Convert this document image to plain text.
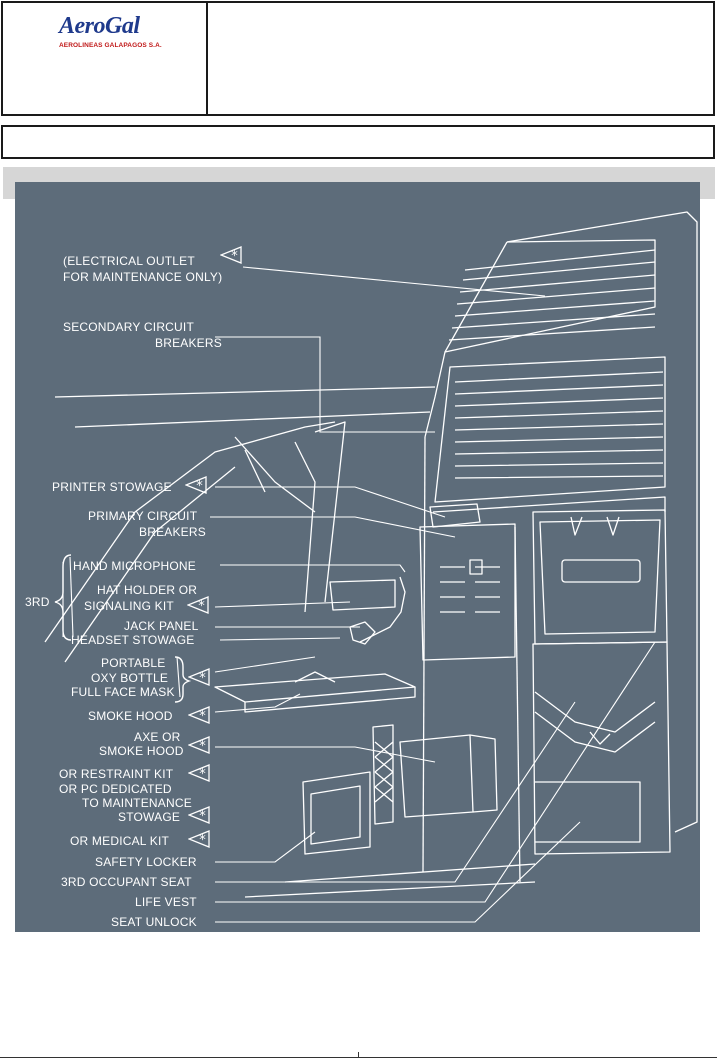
AeroGal
AEROLINEAS GALAPAGOS S.A.
(ELECTRICAL OUTLET
FOR MAINTENANCE ONLY)
SECONDARY CIRCUIT
BREAKERS
PRINTER STOWAGE
PRIMARY CIRCUIT
BREAKERS
3RD
HAND MICROPHONE
HAT HOLDER OR
SIGNALING KIT
JACK PANEL
HEADSET STOWAGE
PORTABLE
OXY BOTTLE
FULL FACE MASK
SMOKE HOOD
AXE OR
SMOKE HOOD
OR RESTRAINT KIT
OR PC DEDICATED
TO MAINTENANCE
STOWAGE
OR MEDICAL KIT
SAFETY LOCKER
3RD OCCUPANT SEAT
LIFE VEST
SEAT UNLOCK
*
*
*
*
*
*
*
*
*
